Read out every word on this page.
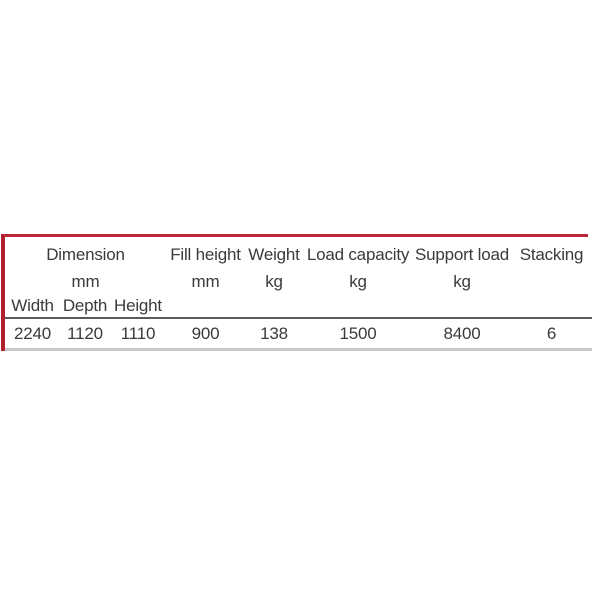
Dimension			Fill height	Weight	Load capacity	Support load	Stacking
mm			mm	kg	kg	kg	
Width	Depth	Height					
2240	1120	1110	900	138	1500	8400	6
